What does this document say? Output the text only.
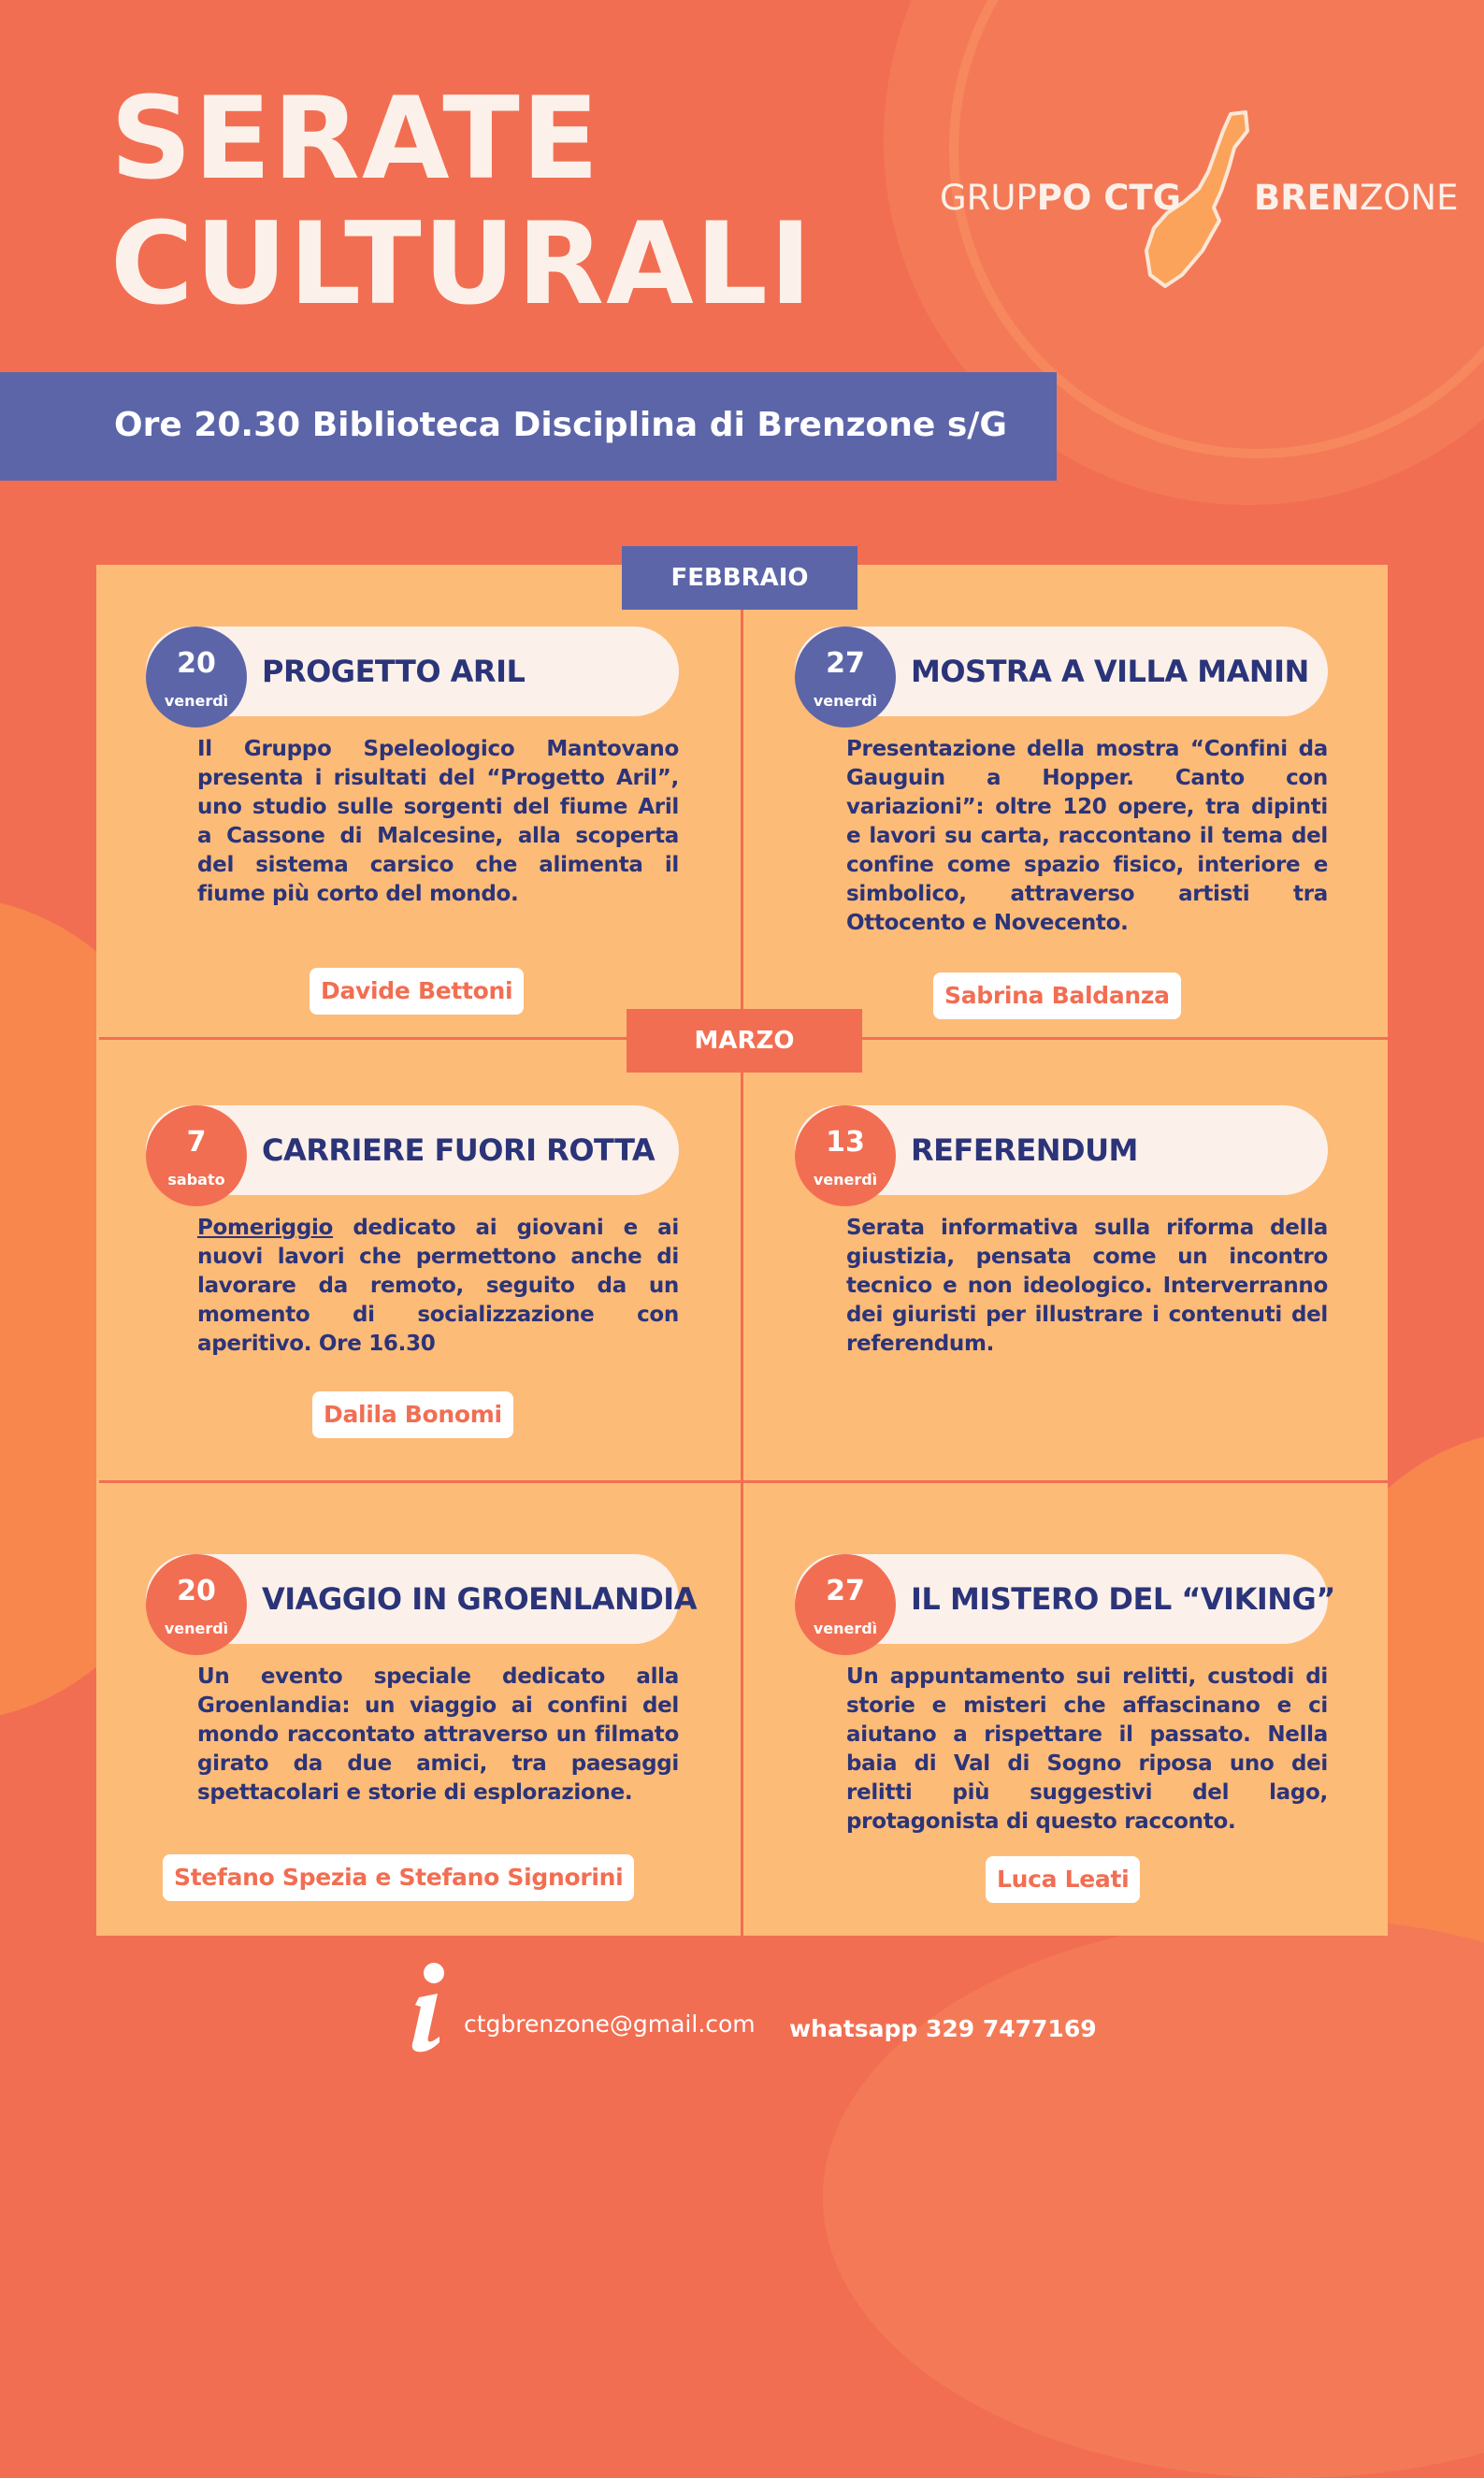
SERATE
CULTURALI
GRUPPO CTG BRENZONE
Ore 20.30 Biblioteca Disciplina di Brenzone s/G
FEBBRAIO
MARZO
PROGETTO ARIL
20
venerdì
Il Gruppo Speleologico Mantovano presenta i risultati del “Progetto Aril”, uno studio sulle sorgenti del fiume Aril a Cassone di Malcesine, alla scoperta del sistema carsico che alimenta il fiume più corto del mondo.
Davide Bettoni
MOSTRA A VILLA MANIN
27
venerdì
Presentazione della mostra “Confini da Gauguin a Hopper. Canto con variazioni”: oltre 120 opere, tra dipinti e lavori su carta, raccontano il tema del confine come spazio fisico, interiore e simbolico, attraverso artisti tra Ottocento e Novecento.
Sabrina Baldanza
CARRIERE FUORI ROTTA
7
sabato
Pomeriggio dedicato ai giovani e ai nuovi lavori che permettono anche di lavorare da remoto, seguito da un momento di socializzazione con aperitivo. Ore 16.30
Dalila Bonomi
REFERENDUM
13
venerdì
Serata informativa sulla riforma della giustizia, pensata come un incontro tecnico e non ideologico. Interverranno dei giuristi per illustrare i contenuti del referendum.
VIAGGIO IN GROENLANDIA
20
venerdì
Un evento speciale dedicato alla Groenlandia: un viaggio ai confini del mondo raccontato attraverso un filmato girato da due amici, tra paesaggi spettacolari e storie di esplorazione.
Stefano Spezia e Stefano Signorini
IL MISTERO DEL “VIKING”
27
venerdì
Un appuntamento sui relitti, custodi di storie e misteri che affascinano e ci aiutano a rispettare il passato. Nella baia di Val di Sogno riposa uno dei relitti più suggestivi del lago, protagonista di questo racconto.
Luca Leati
ctgbrenzone@gmail.com whatsapp 329 7477169
